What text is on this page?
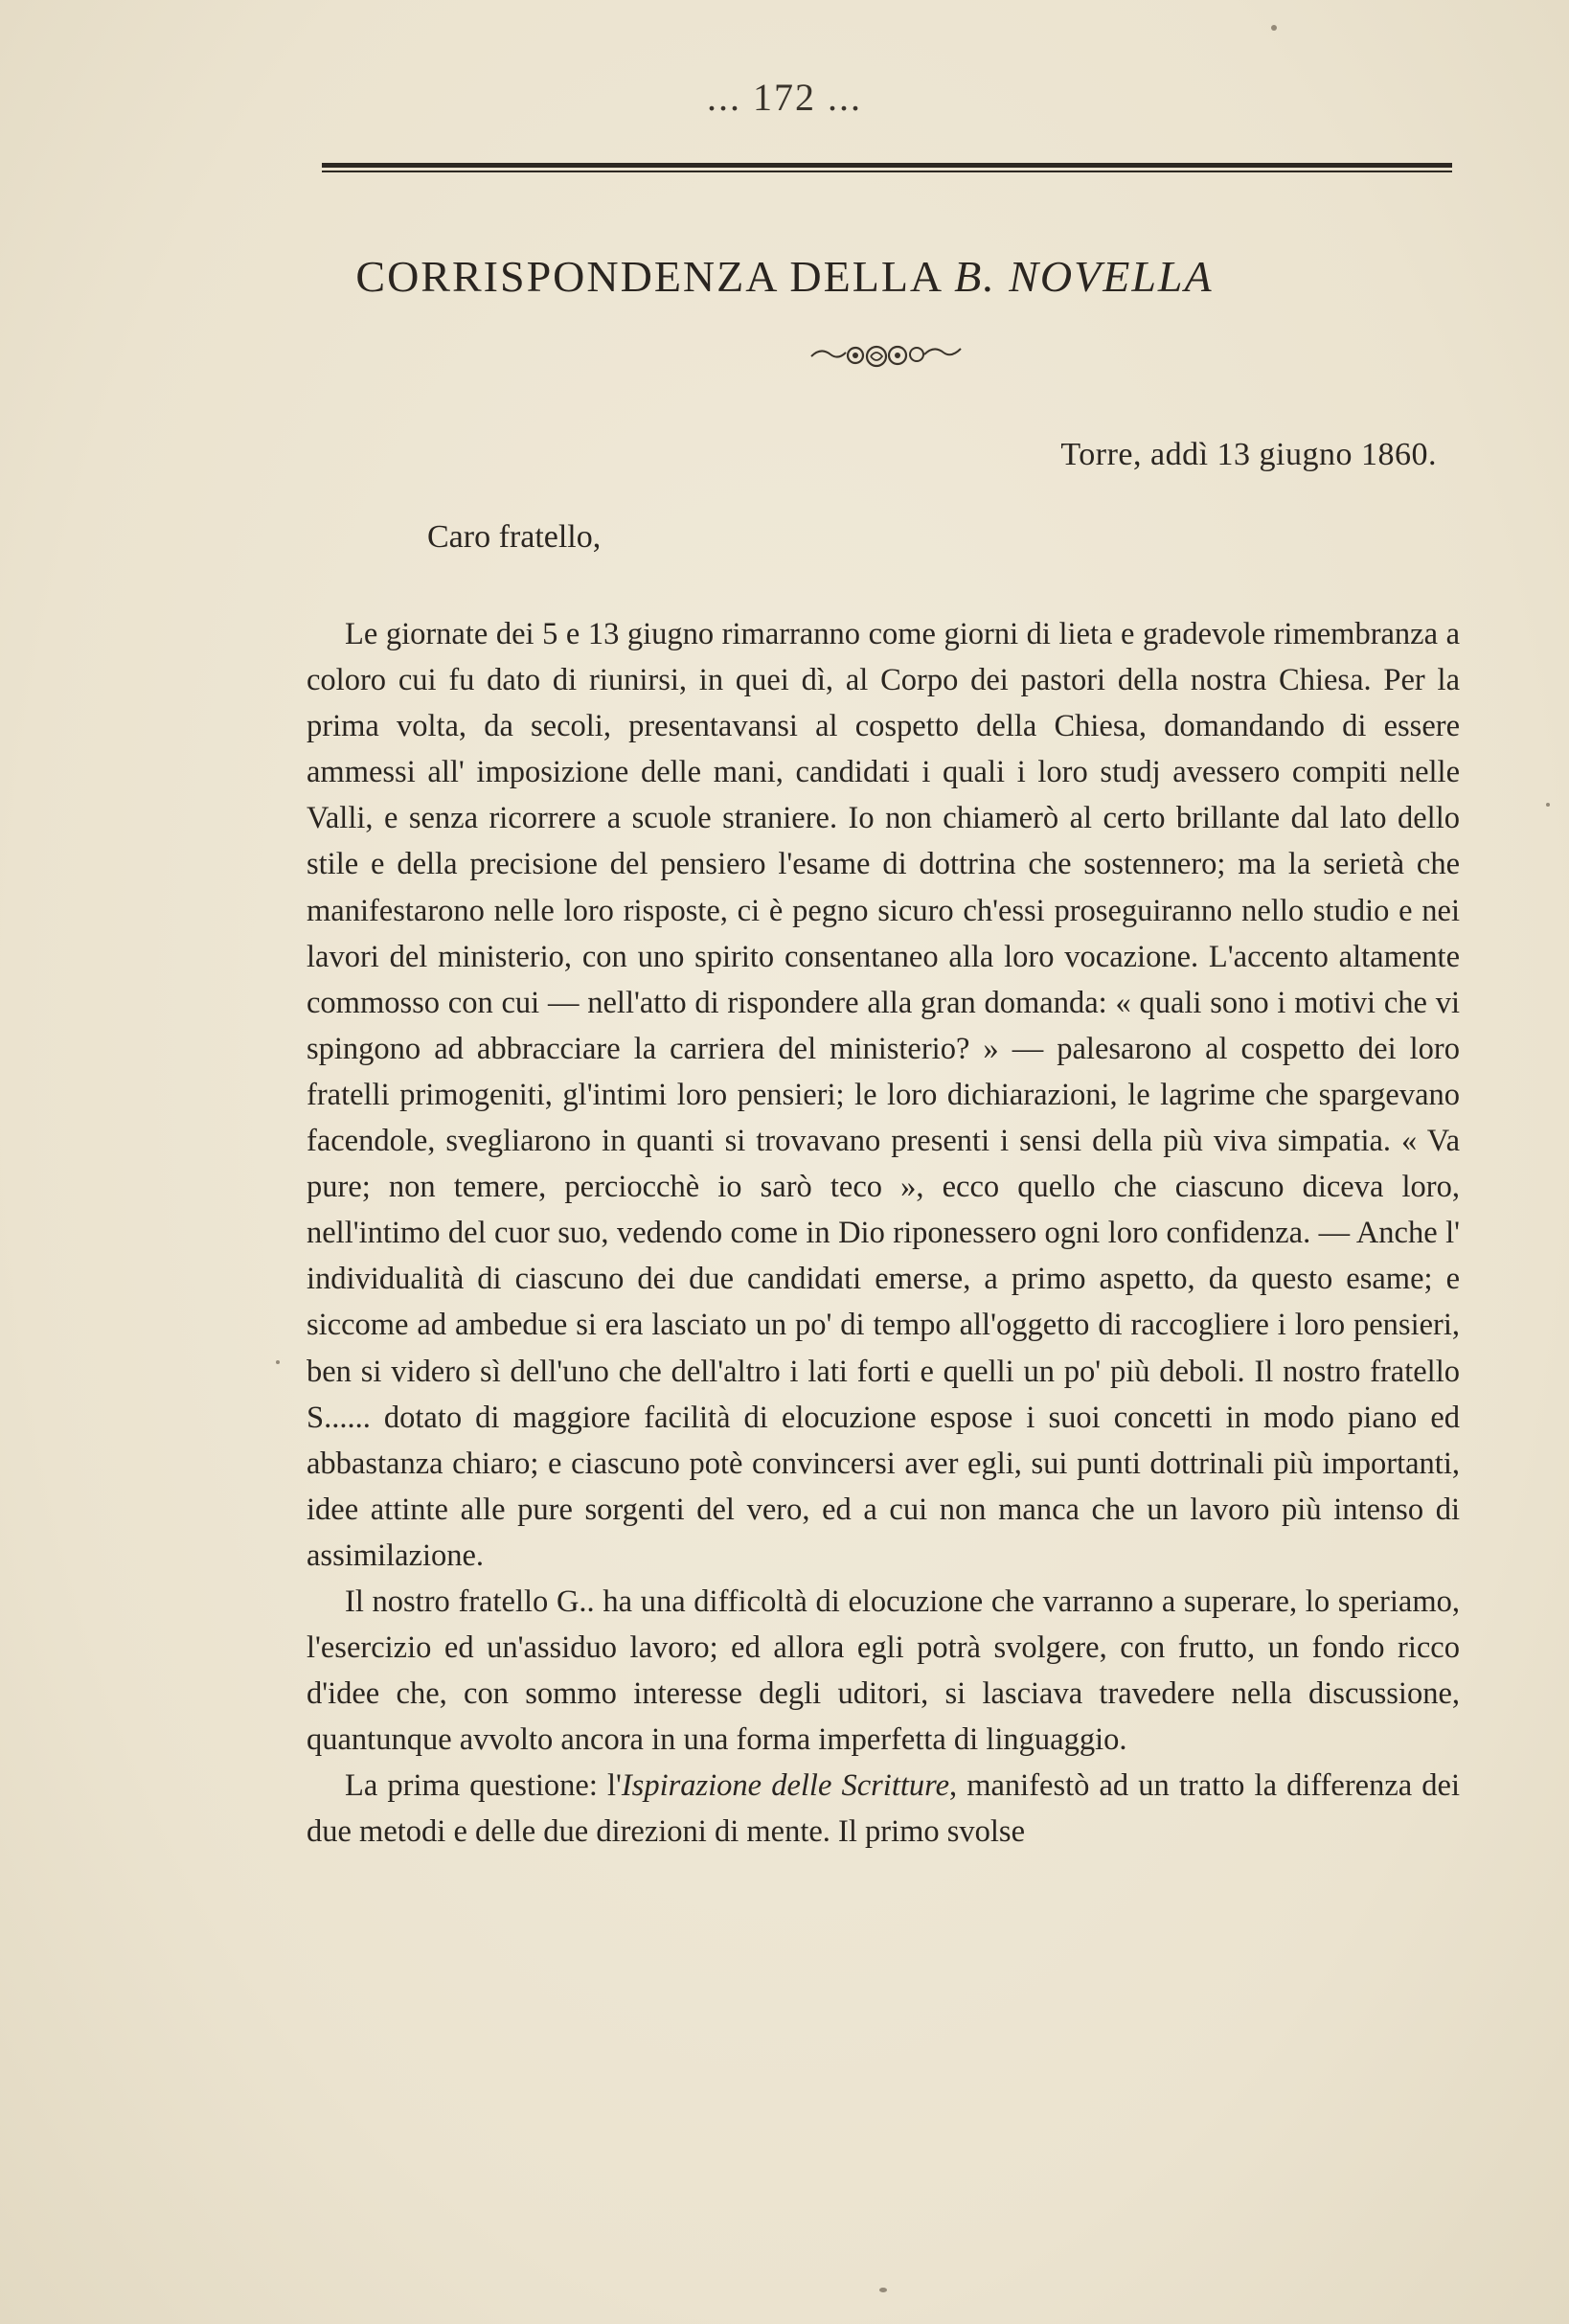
... 172 ...
CORRISPONDENZA DELLA B. NOVELLA
Torre, addì 13 giugno 1860.
Caro fratello,

Le giornate dei 5 e 13 giugno rimarranno come giorni di lieta e gradevole rimembranza a coloro cui fu dato di riunirsi, in quei dì, al Corpo dei pastori della nostra Chiesa. Per la prima volta, da secoli, presentavansi al cospetto della Chiesa, domandando di essere ammessi all' imposizione delle mani, candidati i quali i loro studj avessero compiti nelle Valli, e senza ricorrere a scuole straniere. Io non chiamerò al certo brillante dal lato dello stile e della precisione del pensiero l'esame di dottrina che sostennero; ma la serietà che manifestarono nelle loro risposte, ci è pegno sicuro ch'essi proseguiranno nello studio e nei lavori del ministerio, con uno spirito consentaneo alla loro vocazione. L'accento altamente commosso con cui — nell'atto di rispondere alla gran domanda: « quali sono i motivi che vi spingono ad abbracciare la carriera del ministerio? » — palesarono al cospetto dei loro fratelli primogeniti, gl'intimi loro pensieri; le loro dichiarazioni, le lagrime che spargevano facendole, svegliarono in quanti si trovavano presenti i sensi della più viva simpatia. « Va pure; non temere, perciocchè io sarò teco », ecco quello che ciascuno diceva loro, nell'intimo del cuor suo, vedendo come in Dio riponessero ogni loro confidenza. — Anche l' individualità di ciascuno dei due candidati emerse, a primo aspetto, da questo esame; e siccome ad ambedue si era lasciato un po' di tempo all'oggetto di raccogliere i loro pensieri, ben si videro sì dell'uno che dell'altro i lati forti e quelli un po' più deboli. Il nostro fratello S...... dotato di maggiore facilità di elocuzione espose i suoi concetti in modo piano ed abbastanza chiaro; e ciascuno potè convincersi aver egli, sui punti dottrinali più importanti, idee attinte alle pure sorgenti del vero, ed a cui non manca che un lavoro più intenso di assimilazione.

Il nostro fratello G.. ha una difficoltà di elocuzione che varranno a superare, lo speriamo, l'esercizio ed un'assiduo lavoro; ed allora egli potrà svolgere, con frutto, un fondo ricco d'idee che, con sommo interesse degli uditori, si lasciava travedere nella discussione, quantunque avvolto ancora in una forma imperfetta di linguaggio.

La prima questione: l'Ispirazione delle Scritture, manifestò ad un tratto la differenza dei due metodi e delle due direzioni di mente. Il primo svolse
